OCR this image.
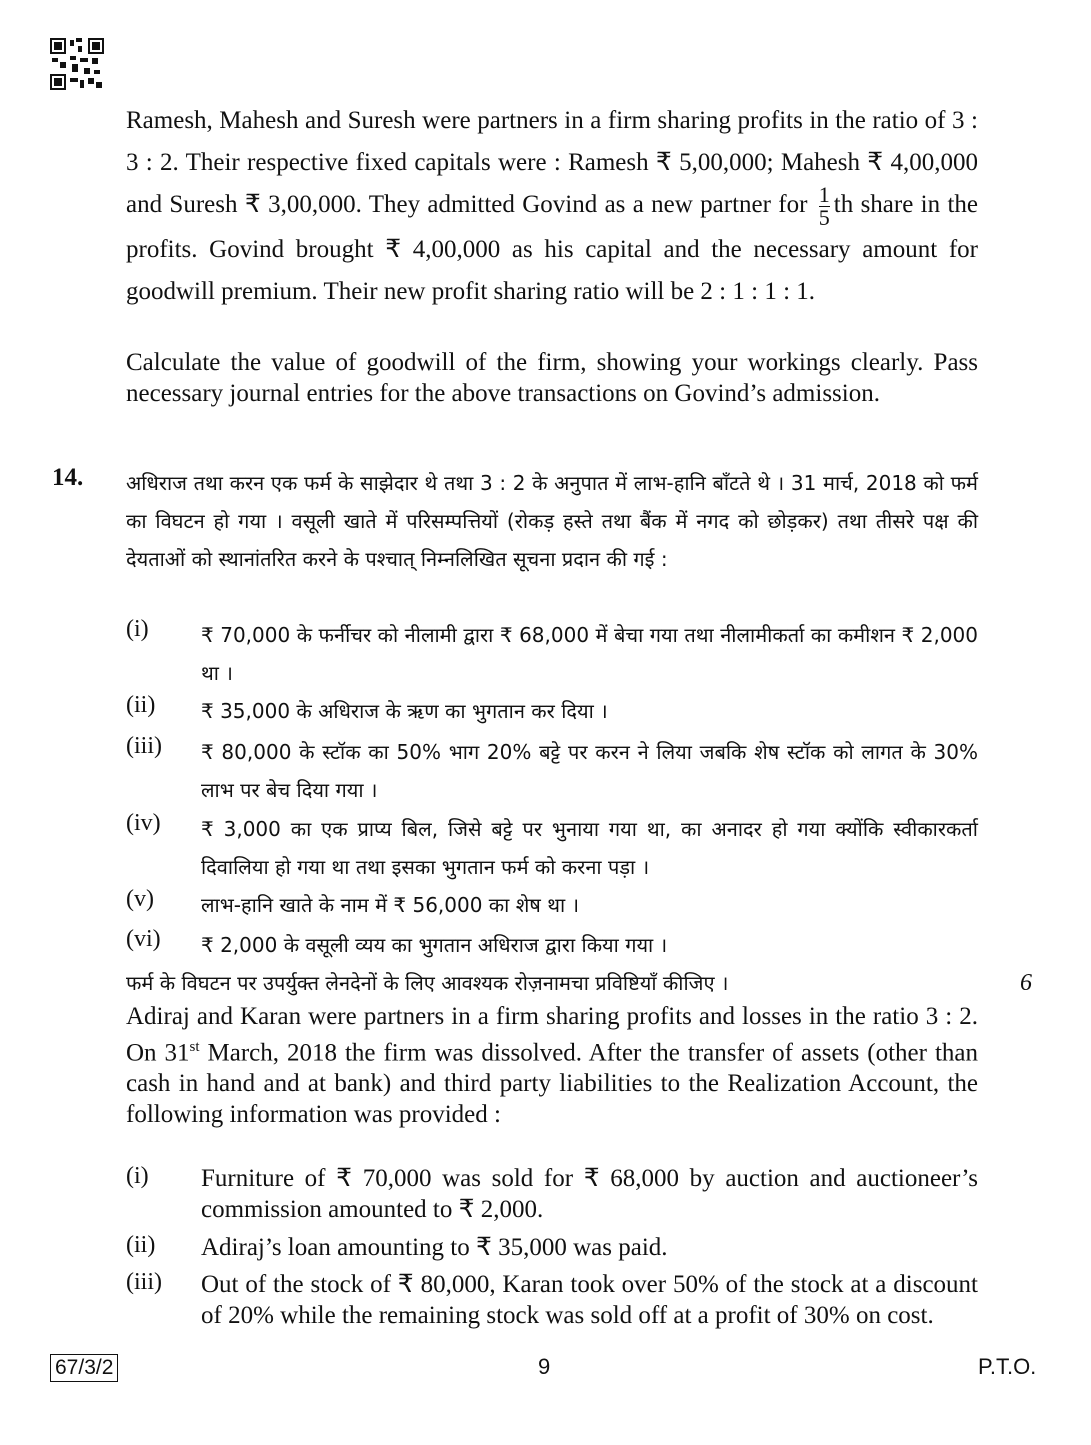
Ramesh, Mahesh and Suresh were partners in a firm sharing profits in the ratio of 3 : 3 : 2. Their respective fixed capitals were : Ramesh ₹ 5,00,000; Mahesh ₹ 4,00,000 and Suresh ₹ 3,00,000. They admitted Govind as a new partner for $\frac{1}{5}$ th share in the profits. Govind brought ₹ 4,00,000 as his capital and the necessary amount for goodwill premium. Their new profit sharing ratio will be 2 : 1 : 1 : 1.
Calculate the value of goodwill of the firm, showing your workings clearly. Pass necessary journal entries for the above transactions on Govind’s admission.
14. अधिराज तथा करन एक फर्म के साझेदार थे तथा 3 : 2 के अनुपात में लाभ-हानि बाँटते थे । 31 मार्च, 2018 को फर्म का विघटन हो गया । वसूली खाते में परिसम्पत्तियों (रोकड़ हस्ते तथा बैंक में नगद को छोड़कर) तथा तीसरे पक्ष की देयताओं को स्थानांतरित करने के पश्चात् निम्नलिखित सूचना प्रदान की गई :
(i)	₹ 70,000 के फर्नीचर को नीलामी द्वारा ₹ 68,000 में बेचा गया तथा नीलामीकर्ता का कमीशन ₹ 2,000 था ।
(ii) ₹ 35,000 के अधिराज के ऋण का भुगतान कर दिया ।
(iii) ₹ 80,000 के स्टॉक का 50% भाग 20% बट्टे पर करन ने लिया जबकि शेष स्टॉक को लागत के 30% लाभ पर बेच दिया गया ।
(iv) ₹ 3,000 का एक प्राप्य बिल, जिसे बट्टे पर भुनाया गया था, का अनादर हो गया क्योंकि स्वीकारकर्ता दिवालिया हो गया था तथा इसका भुगतान फर्म को करना पड़ा ।
(v) लाभ-हानि खाते के नाम में ₹ 56,000 का शेष था ।
(vi) ₹ 2,000 के वसूली व्यय का भुगतान अधिराज द्वारा किया गया ।
फर्म के विघटन पर उपर्युक्त लेनदेनों के लिए आवश्यक रोज़नामचा प्रविष्टियाँ कीजिए ।	6
Adiraj and Karan were partners in a firm sharing profits and losses in the ratio 3 : 2. On 31st March, 2018 the firm was dissolved. After the transfer of assets (other than cash in hand and at bank) and third party liabilities to the Realization Account, the following information was provided :
(i) Furniture of ₹ 70,000 was sold for ₹ 68,000 by auction and auctioneer’s commission amounted to ₹ 2,000.
(ii) Adiraj’s loan amounting to ₹ 35,000 was paid.
(iii) Out of the stock of ₹ 80,000, Karan took over 50% of the stock at a discount of 20% while the remaining stock was sold off at a profit of 30% on cost.
67/3/2	9	P.T.O.
